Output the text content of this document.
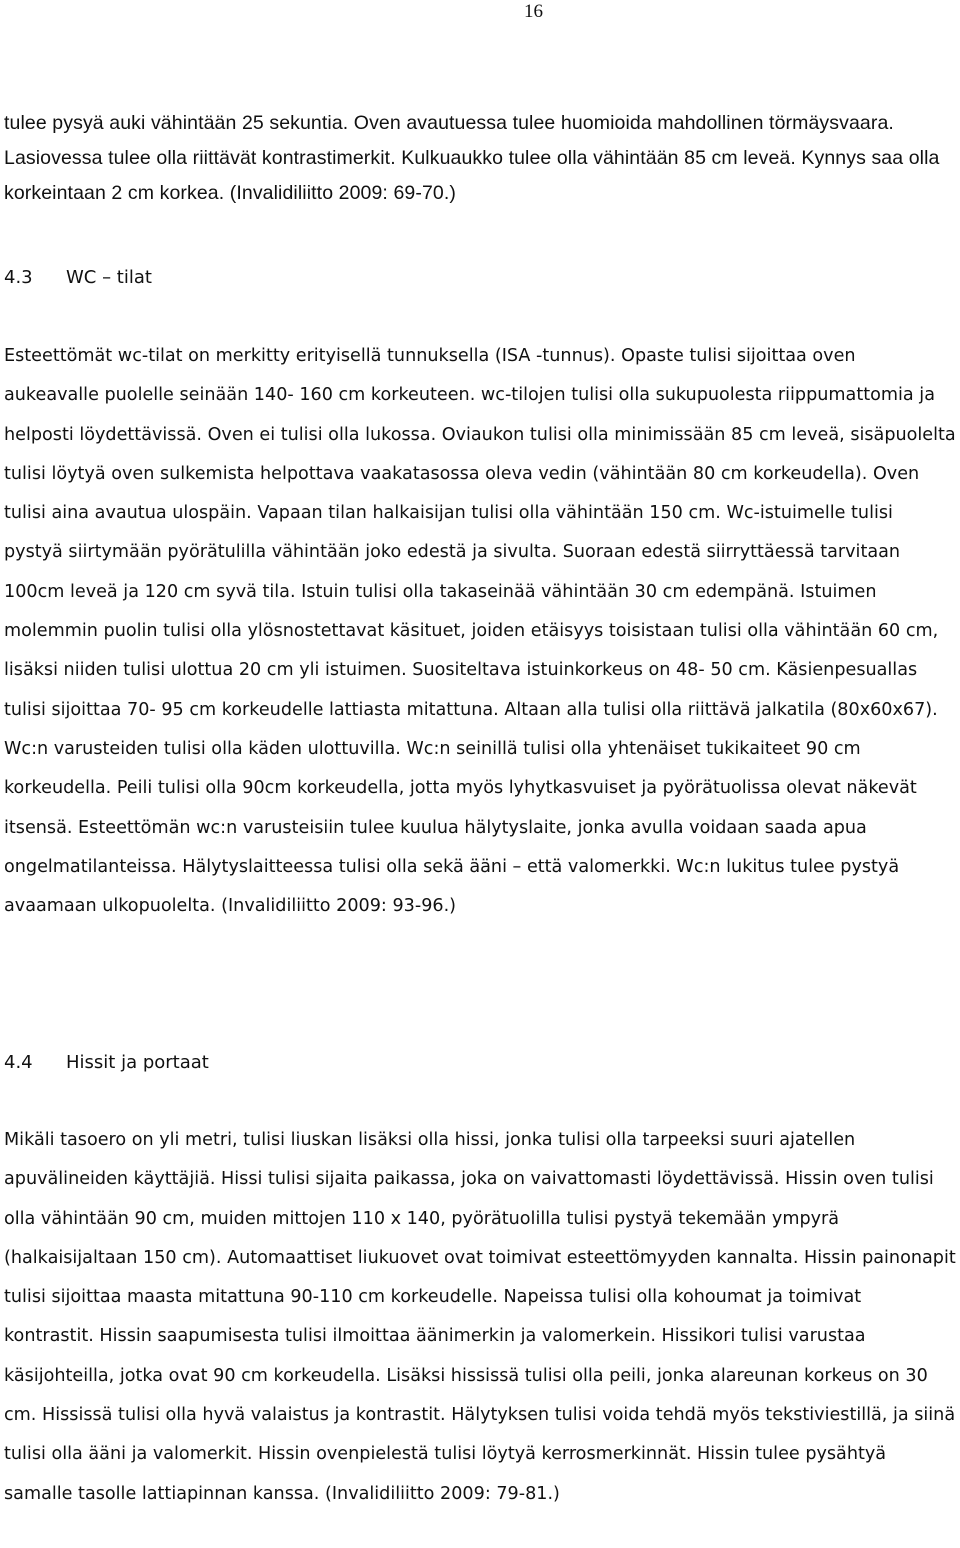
16

tulee pysyä auki vähintään 25 sekuntia. Oven avautuessa tulee huomioida mahdollinen törmäysvaara. Lasiovessa tulee olla riittävät kontrastimerkit. Kulkuaukko tulee olla vähintään 85 cm leveä. Kynnys saa olla korkeintaan 2 cm korkea. (Invalidiliitto 2009: 69-70.)

4.3 WC – tilat

Esteettömät wc-tilat on merkitty erityisellä tunnuksella (ISA -tunnus). Opaste tulisi sijoittaa oven aukeavalle puolelle seinään 140- 160 cm korkeuteen. wc-tilojen tulisi olla sukupuolesta riippumattomia ja helposti löydettävissä. Oven ei tulisi olla lukossa. Oviaukon tulisi olla minimissään 85 cm leveä, sisäpuolelta tulisi löytyä oven sulkemista helpottava vaakatasossa oleva vedin (vähintään 80 cm korkeudella). Oven tulisi aina avautua ulospäin. Vapaan tilan halkaisijan tulisi olla vähintään 150 cm. Wc-istuimelle tulisi pystyä siirtymään pyörätulilla vähintään joko edestä ja sivulta. Suoraan edestä siirryttäessä tarvitaan 100cm leveä ja 120 cm syvä tila. Istuin tulisi olla takaseinää vähintään 30 cm edempänä. Istuimen molemmin puolin tulisi olla ylösnostettavat käsituet, joiden etäisyys toisistaan tulisi olla vähintään 60 cm, lisäksi niiden tulisi ulottua 20 cm yli istuimen. Suositeltava istuinkorkeus on 48- 50 cm. Käsienpesuallas tulisi sijoittaa 70- 95 cm korkeudelle lattiasta mitattuna. Altaan alla tulisi olla riittävä jalkatila (80x60x67). Wc:n varusteiden tulisi olla käden ulottuvilla. Wc:n seinillä tulisi olla yhtenäiset tukikaiteet 90 cm korkeudella. Peili tulisi olla 90cm korkeudella, jotta myös lyhytkasvuiset ja pyörätuolissa olevat näkevät itsensä. Esteettömän wc:n varusteisiin tulee kuulua hälytyslaite, jonka avulla voidaan saada apua ongelmatilanteissa. Hälytyslaitteessa tulisi olla sekä ääni – että valomerkki. Wc:n lukitus tulee pystyä avaamaan ulkopuolelta. (Invalidiliitto 2009: 93-96.)

4.4 Hissit ja portaat

Mikäli tasoero on yli metri, tulisi liuskan lisäksi olla hissi, jonka tulisi olla tarpeeksi suuri ajatellen apuvälineiden käyttäjiä. Hissi tulisi sijaita paikassa, joka on vaivattomasti löydettävissä. Hissin oven tulisi olla vähintään 90 cm, muiden mittojen 110 x 140, pyörätuolilla tulisi pystyä tekemään ympyrä (halkaisijaltaan 150 cm). Automaattiset liukuovet ovat toimivat esteettömyyden kannalta. Hissin painonapit tulisi sijoittaa maasta mitattuna 90-110 cm korkeudelle. Napeissa tulisi olla kohoumat ja toimivat kontrastit. Hissin saapumisesta tulisi ilmoittaa äänimerkin ja valomerkein. Hissikori tulisi varustaa käsijohteilla, jotka ovat 90 cm korkeudella. Lisäksi hississä tulisi olla peili, jonka alareunan korkeus on 30 cm. Hississä tulisi olla hyvä valaistus ja kontrastit. Hälytyksen tulisi voida tehdä myös tekstiviestillä, ja siinä tulisi olla ääni ja valomerkit. Hissin ovenpielestä tulisi löytyä kerrosmerkinnät. Hissin tulee pysähtyä samalle tasolle lattiapinnan kanssa. (Invalidiliitto 2009: 79-81.)
